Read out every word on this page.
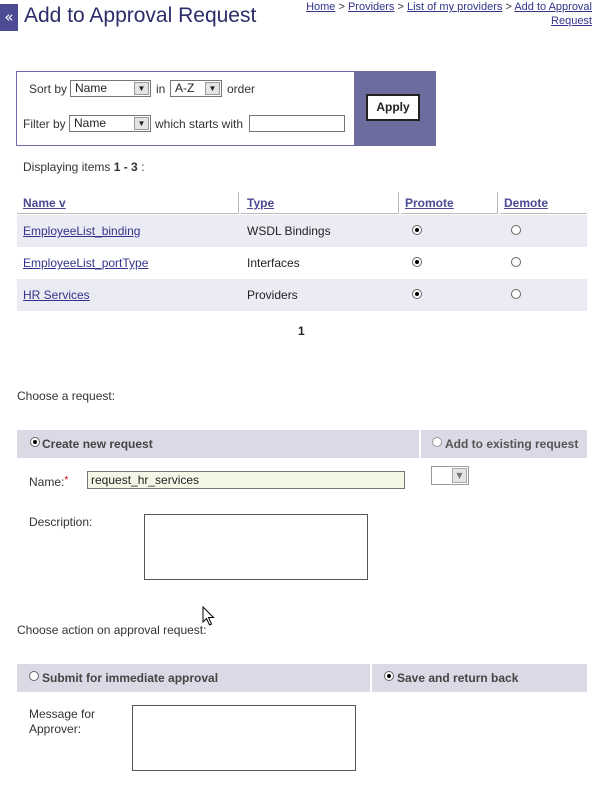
« Add to Approval Request	Home > Providers > List of my providers > Add to Approval
Request
Sort by Name	▼ in A-Z	▼ order
Filter by Name	▼ which starts with
Apply
Displaying items 1 - 3 :
Name v	Type	Promote	Demote
EmployeeList_binding	WSDL Bindings
EmployeeList_portType	Interfaces
HR Services	Providers
1
Choose a request:
Create new request	Add to existing request
Name:*	request_hr_services	▼
Description:
Choose action on approval request:
Submit for immediate approval	Save and return back
Message for
Approver:
